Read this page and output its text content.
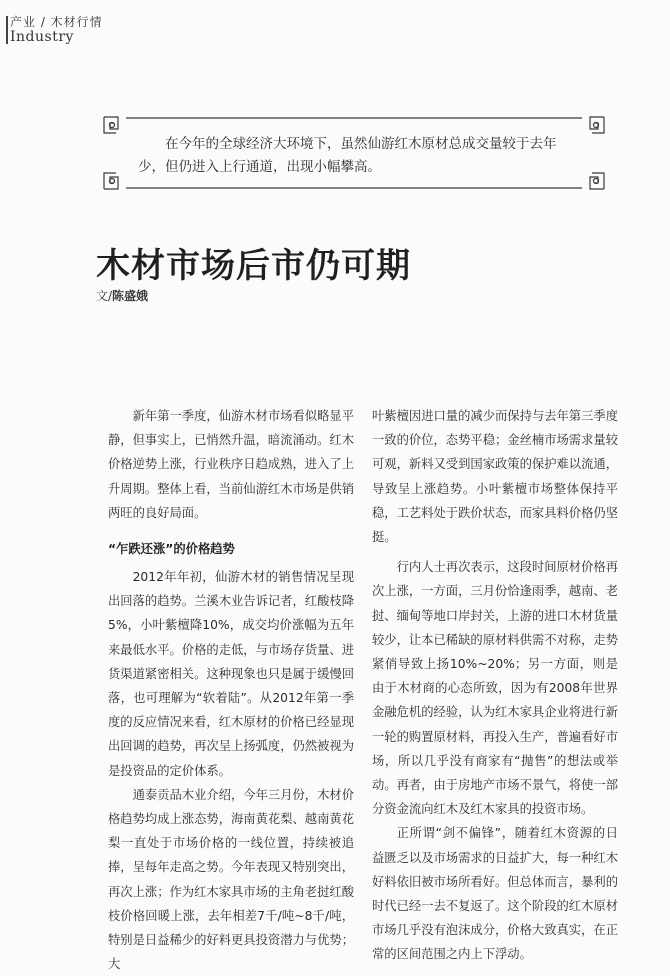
产业 / 木材行情
Industry
在今年的全球经济大环境下，虽然仙游红木原材总成交量较于去年少，但仍进入上行通道，出现小幅攀高。
木材市场后市仍可期
文/陈盛娥

新年第一季度，仙游木材市场看似略显平静，但事实上，已悄然升温，暗流涌动。红木价格逆势上涨，行业秩序日趋成熟，进入了上升周期。整体上看，当前仙游红木市场是供销两旺的良好局面。

“乍跌还涨”的价格趋势

2012年年初，仙游木材的销售情况呈现出回落的趋势。兰溪木业告诉记者，红酸枝降5%，小叶紫檀降10%，成交均价涨幅为五年来最低水平。价格的走低，与市场存货量、进货渠道紧密相关。这种现象也只是属于缓慢回落，也可理解为“软着陆”。从2012年第一季度的反应情况来看，红木原材的价格已经显现出回调的趋势，再次呈上扬弧度，仍然被视为是投资品的定价体系。

通泰贡品木业介绍，今年三月份，木材价格趋势均成上涨态势，海南黄花梨、越南黄花梨一直处于市场价格的一线位置，持续被追捧，呈每年走高之势。今年表现又特别突出，再次上涨；作为红木家具市场的主角老挝红酸枝价格回暖上涨，去年相差7千/吨~8千/吨，特别是日益稀少的好料更具投资潜力与优势；大

叶紫檀因进口量的减少而保持与去年第三季度一致的价位，态势平稳；金丝楠市场需求量较可观，新料又受到国家政策的保护难以流通，导致呈上涨趋势。小叶紫檀市场整体保持平稳，工艺料处于跌价状态，而家具料价格仍坚挺。

行内人士再次表示，这段时间原材价格再次上涨，一方面，三月份恰逢雨季，越南、老挝、缅甸等地口岸封关，上游的进口木材货量较少，让本已稀缺的原材料供需不对称，走势紧俏导致上扬10%~20%；另一方面，则是由于木材商的心态所致，因为有2008年世界金融危机的经验，认为红木家具企业将进行新一轮的购置原材料，再投入生产，普遍看好市场，所以几乎没有商家有“抛售”的想法或举动。再者，由于房地产市场不景气，将使一部分资金流向红木及红木家具的投资市场。

正所谓“剑不偏锋”，随着红木资源的日益匮乏以及市场需求的日益扩大，每一种红木好料依旧被市场所看好。但总体而言，暴利的时代已经一去不复返了。这个阶段的红木原材市场几乎没有泡沫成分，价格大致真实，在正常的区间范围之内上下浮动。
